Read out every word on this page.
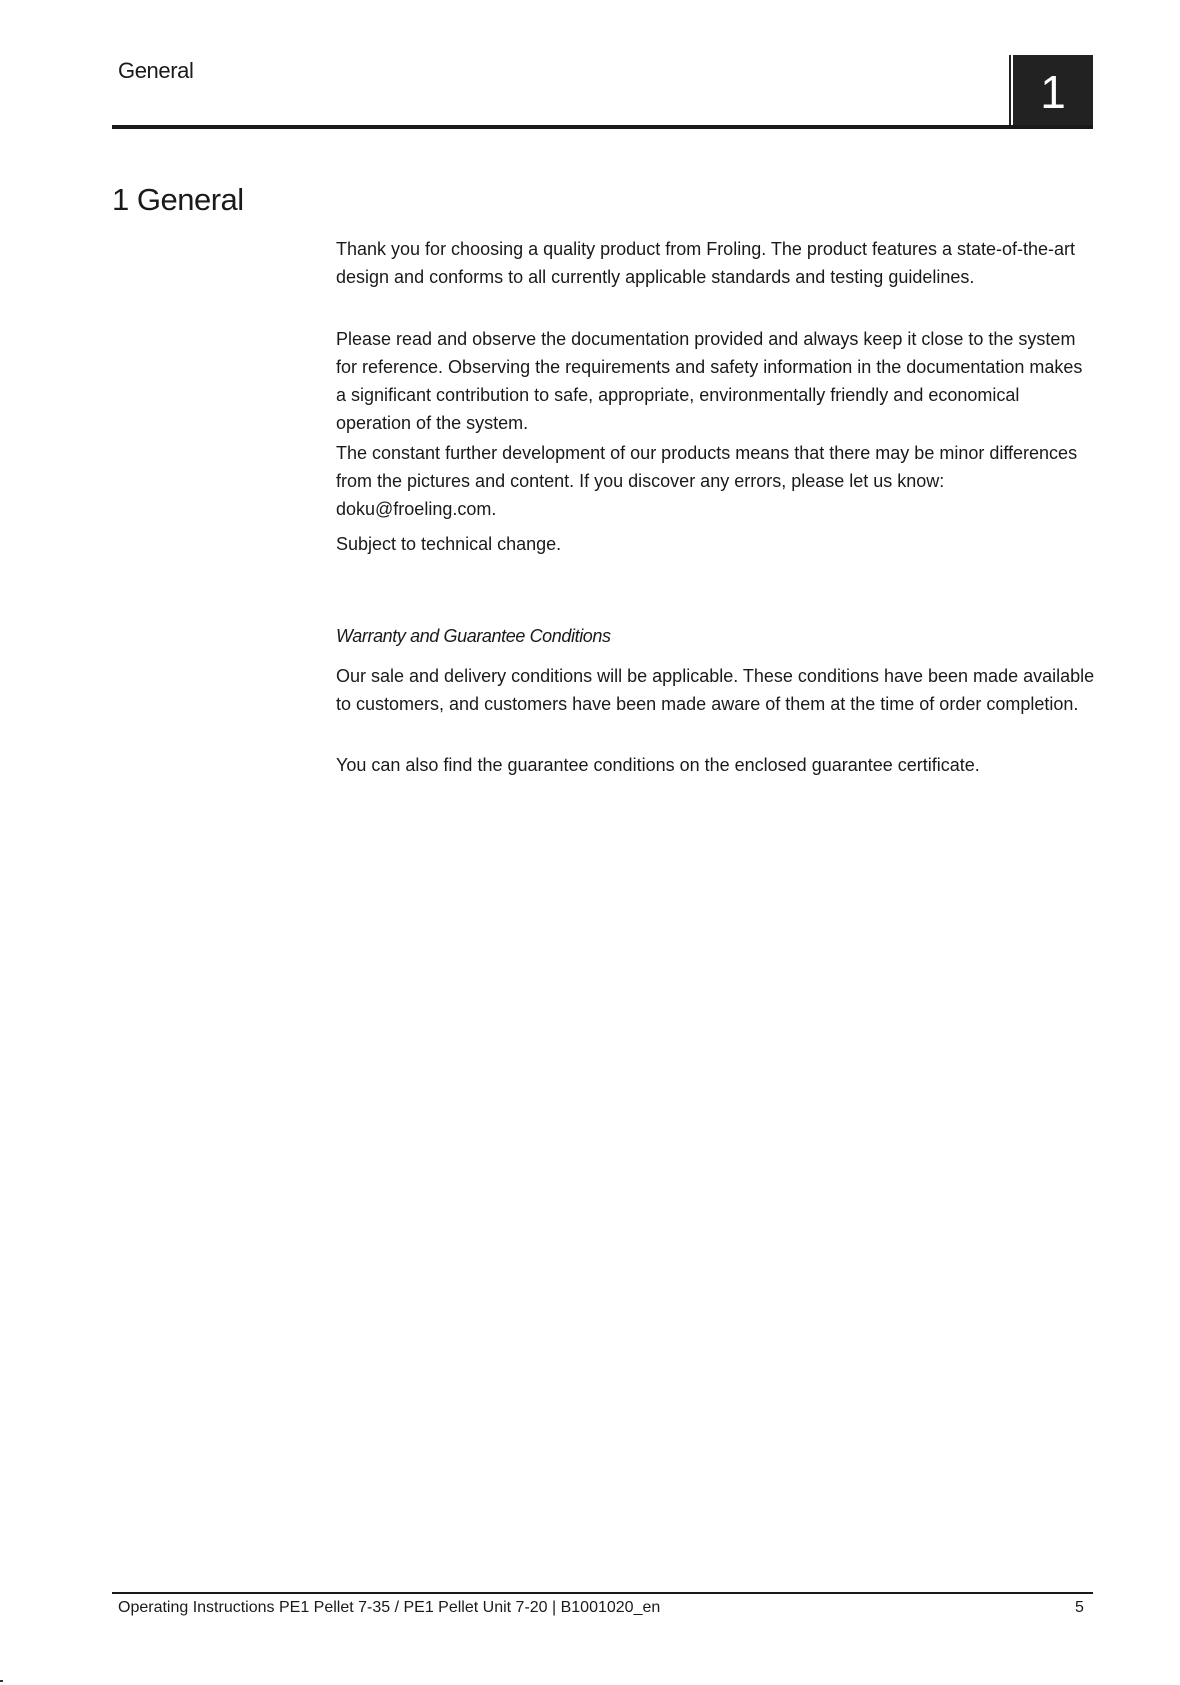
General	1
1 General

Thank you for choosing a quality product from Froling. The product features a state-of-the-art design and conforms to all currently applicable standards and testing guidelines.

Please read and observe the documentation provided and always keep it close to the system for reference. Observing the requirements and safety information in the documentation makes a significant contribution to safe, appropriate, environmentally friendly and economical operation of the system.

The constant further development of our products means that there may be minor differences from the pictures and content. If you discover any errors, please let us know: doku@froeling.com.

Subject to technical change.

Warranty and Guarantee Conditions

Our sale and delivery conditions will be applicable. These conditions have been made available to customers, and customers have been made aware of them at the time of order completion.

You can also find the guarantee conditions on the enclosed guarantee certificate.

Operating Instructions PE1 Pellet 7-35 / PE1 Pellet Unit 7-20 | B1001020_en	5
